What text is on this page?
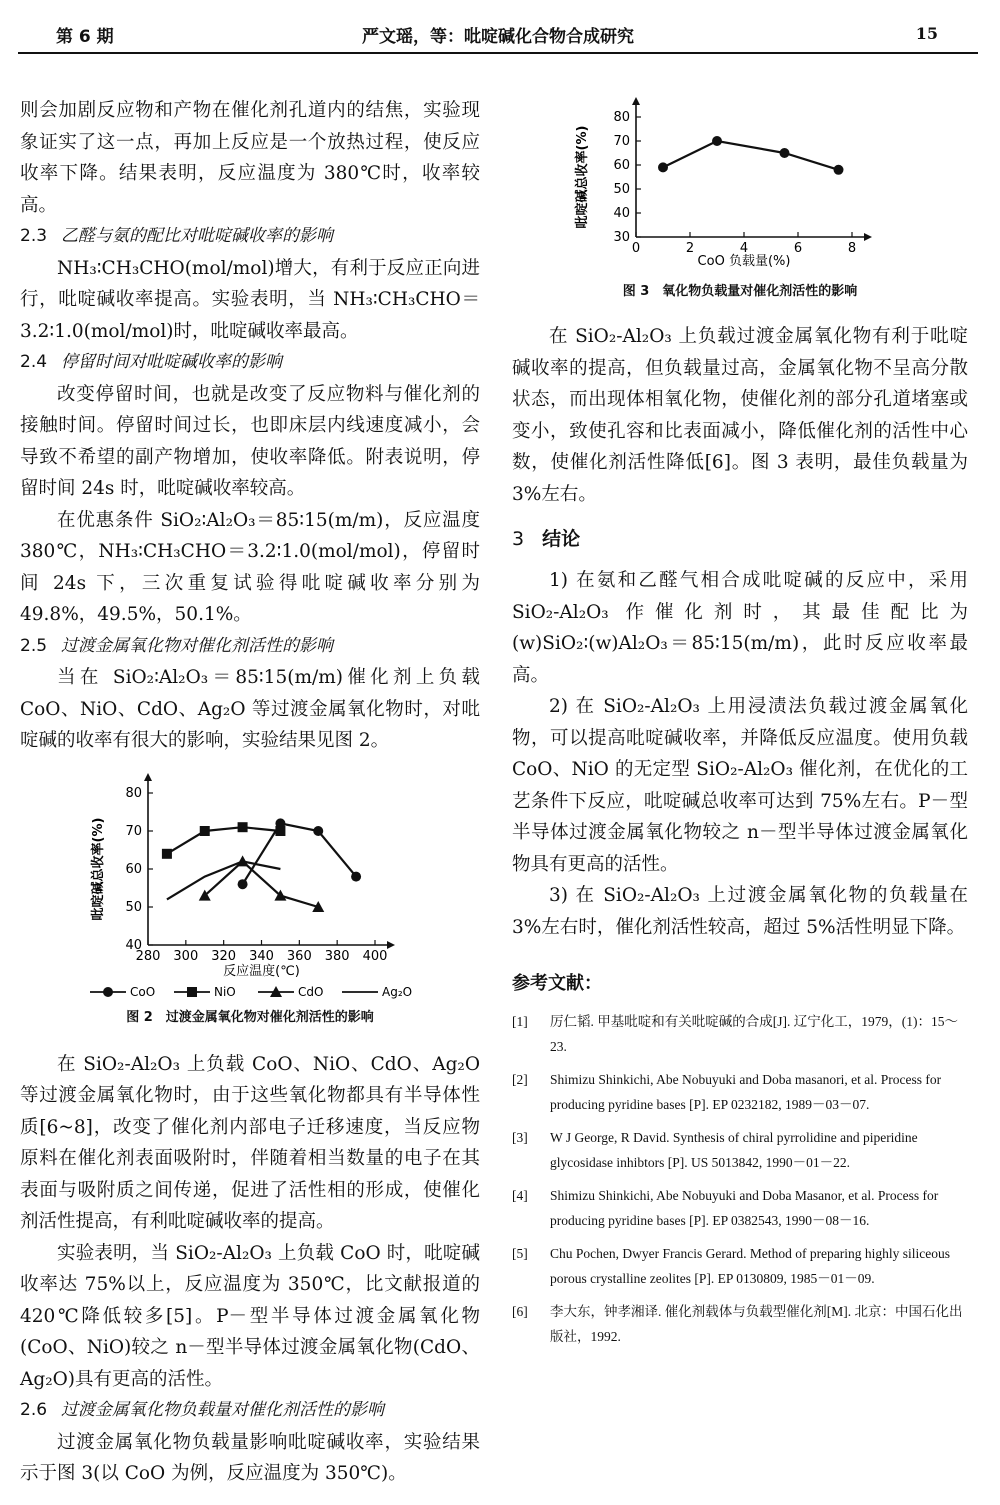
第 6 期	严文瑶，等：吡啶碱化合物合成研究	15

则会加剧反应物和产物在催化剂孔道内的结焦，实验现象证实了这一点，再加上反应是一个放热过程，使反应收率下降。结果表明，反应温度为 380℃时，收率较高。

2.3 乙醛与氨的配比对吡啶碱收率的影响

NH₃∶CH₃CHO(mol/mol)增大，有利于反应正向进行，吡啶碱收率提高。实验表明，当 NH₃∶CH₃CHO＝3.2∶1.0(mol/mol)时，吡啶碱收率最高。

2.4 停留时间对吡啶碱收率的影响

改变停留时间，也就是改变了反应物料与催化剂的接触时间。停留时间过长，也即床层内线速度减小，会导致不希望的副产物增加，使收率降低。附表说明，停留时间 24s 时，吡啶碱收率较高。

在优惠条件 SiO₂∶Al₂O₃＝85∶15(m/m)，反应温度 380℃，NH₃∶CH₃CHO＝3.2∶1.0(mol/mol)，停留时间 24s 下，三次重复试验得吡啶碱收率分别为 49.8%，49.5%，50.1%。

2.5 过渡金属氧化物对催化剂活性的影响

当在 SiO₂∶Al₂O₃＝85∶15(m/m)催化剂上负载 CoO、NiO、CdO、Ag₂O 等过渡金属氧化物时，对吡啶碱的收率有很大的影响，实验结果见图 2。

280 300 320 340 360 380 400
40
50
60
70
80
反应温度(℃)
吡啶碱总收率(%)
CoO	NiO	CdO	Ag₂O
图 2　过渡金属氧化物对催化剂活性的影响

在 SiO₂-Al₂O₃ 上负载 CoO、NiO、CdO、Ag₂O 等过渡金属氧化物时，由于这些氧化物都具有半导体性质[6~8]，改变了催化剂内部电子迁移速度，当反应物原料在催化剂表面吸附时，伴随着相当数量的电子在其表面与吸附质之间传递，促进了活性相的形成，使催化剂活性提高，有利吡啶碱收率的提高。

实验表明，当 SiO₂-Al₂O₃ 上负载 CoO 时，吡啶碱收率达 75%以上，反应温度为 350℃，比文献报道的 420℃降低较多[5]。P－型半导体过渡金属氧化物(CoO、NiO)较之 n－型半导体过渡金属氧化物(CdO、Ag₂O)具有更高的活性。

2.6 过渡金属氧化物负载量对催化剂活性的影响

过渡金属氧化物负载量影响吡啶碱收率，实验结果示于图 3(以 CoO 为例，反应温度为 350℃)。

0	2	4	6	8
30
40
50
60
70
80
CoO 负载量(%)
吡啶碱总收率(%)
图 3　氧化物负载量对催化剂活性的影响

在 SiO₂-Al₂O₃ 上负载过渡金属氧化物有利于吡啶碱收率的提高，但负载量过高，金属氧化物不呈高分散状态，而出现体相氧化物，使催化剂的部分孔道堵塞或变小，致使孔容和比表面减小，降低催化剂的活性中心数，使催化剂活性降低[6]。图 3 表明，最佳负载量为 3%左右。

3 结论

1) 在氨和乙醛气相合成吡啶碱的反应中，采用 SiO₂-Al₂O₃ 作催化剂时，其最佳配比为(w)SiO₂∶(w)Al₂O₃＝85∶15(m/m)，此时反应收率最高。

2) 在 SiO₂-Al₂O₃ 上用浸渍法负载过渡金属氧化物，可以提高吡啶碱收率，并降低反应温度。使用负载 CoO、NiO 的无定型 SiO₂-Al₂O₃ 催化剂，在优化的工艺条件下反应，吡啶碱总收率可达到 75%左右。P－型半导体过渡金属氧化物较之 n－型半导体过渡金属氧化物具有更高的活性。

3) 在 SiO₂-Al₂O₃ 上过渡金属氧化物的负载量在 3%左右时，催化剂活性较高，超过 5%活性明显下降。

参考文献：
[1] 厉仁韬. 甲基吡啶和有关吡啶碱的合成[J]. 辽宁化工，1979，(1)：15～23.
[2] Shimizu Shinkichi, Abe Nobuyuki and Doba masanori, et al. Process for producing pyridine bases [P]. EP 0232182, 1989－03－07.
[3] W J George, R David. Synthesis of chiral pyrrolidine and piperidine glycosidase inhibtors [P]. US 5013842, 1990－01－22.
[4] Shimizu Shinkichi, Abe Nobuyuki and Doba Masanor, et al. Process for producing pyridine bases [P]. EP 0382543, 1990－08－16.
[5] Chu Pochen, Dwyer Francis Gerard. Method of preparing highly siliceous porous crystalline zeolites [P]. EP 0130809, 1985－01－09.
[6] 李大东，钟孝湘译. 催化剂载体与负载型催化剂[M]. 北京：中国石化出版社，1992.
